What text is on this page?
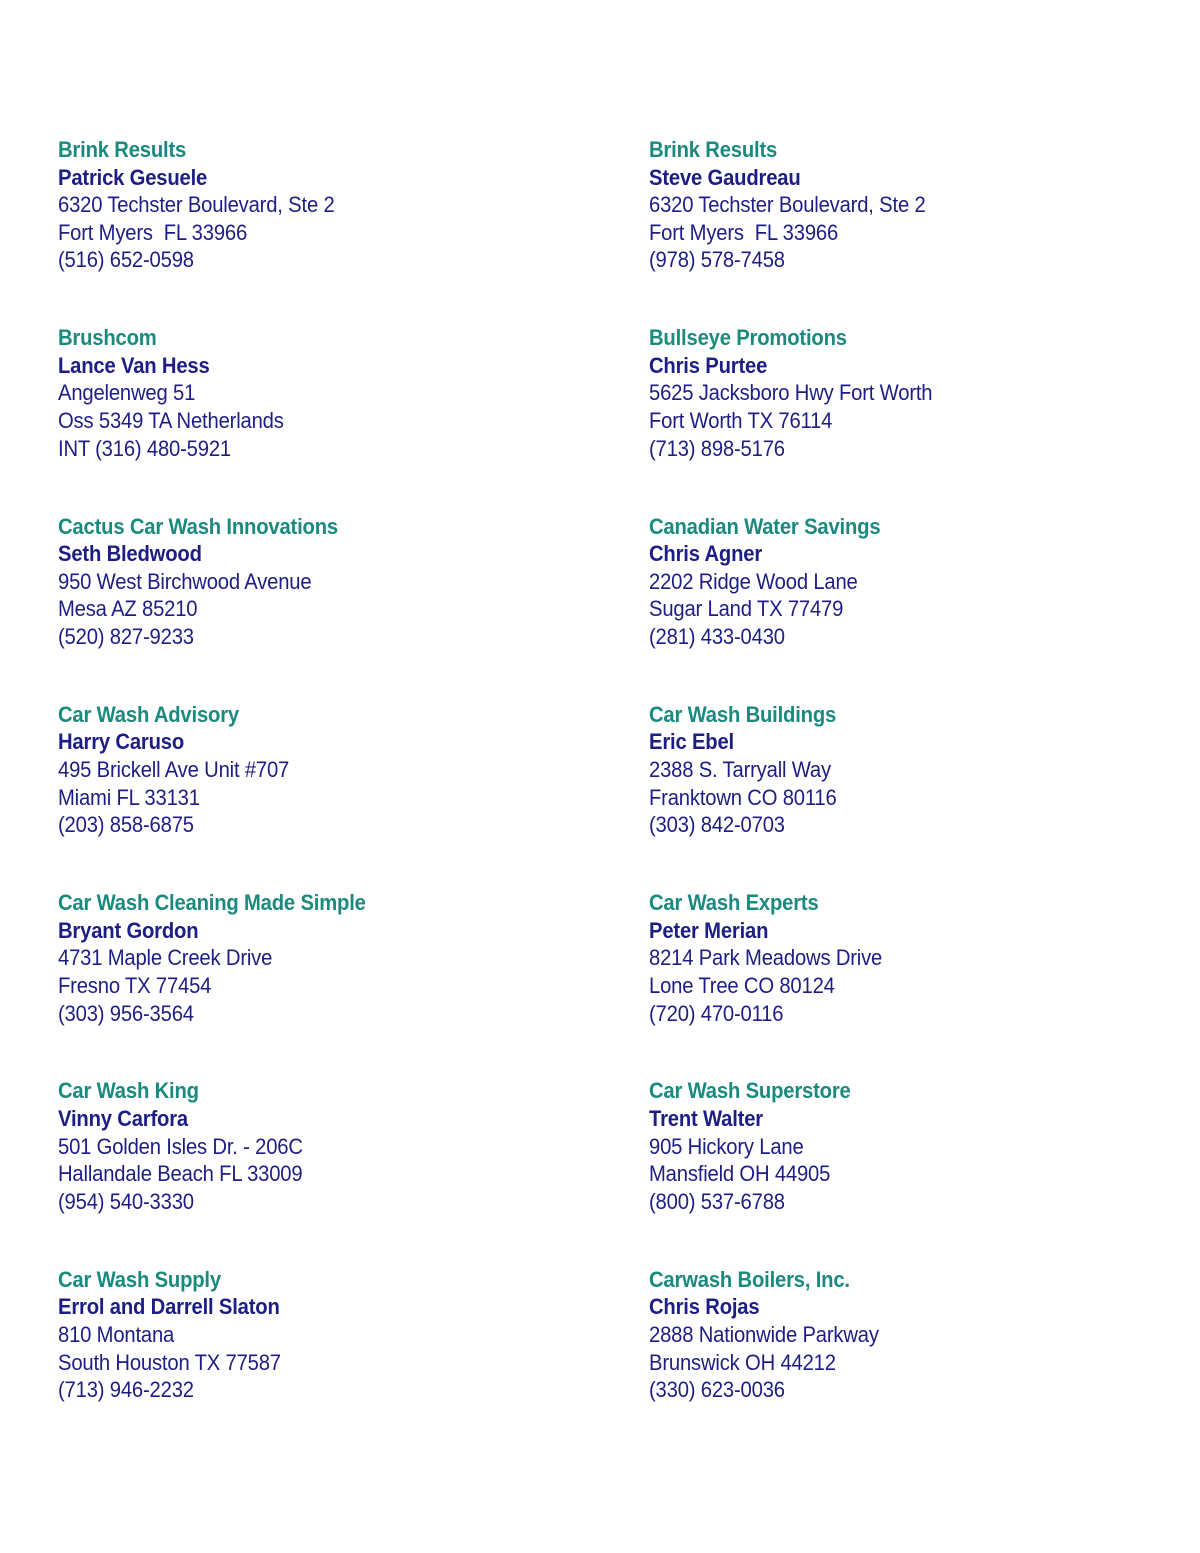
Brink Results
Patrick Gesuele
6320 Techster Boulevard, Ste 2
Fort Myers  FL 33966
(516) 652-0598
Brink Results
Steve Gaudreau
6320 Techster Boulevard, Ste 2
Fort Myers  FL 33966
(978) 578-7458
Brushcom
Lance Van Hess
Angelenweg 51
Oss 5349 TA Netherlands
INT (316) 480-5921
Bullseye Promotions
Chris Purtee
5625 Jacksboro Hwy Fort Worth
Fort Worth TX 76114
(713) 898-5176
Cactus Car Wash Innovations
Seth Bledwood
950 West Birchwood Avenue
Mesa AZ 85210
(520) 827-9233
Canadian Water Savings
Chris Agner
2202 Ridge Wood Lane
Sugar Land TX 77479
(281) 433-0430
Car Wash Advisory
Harry Caruso
495 Brickell Ave Unit #707
Miami FL 33131
(203) 858-6875
Car Wash Buildings
Eric Ebel
2388 S. Tarryall Way
Franktown CO 80116
(303) 842-0703
Car Wash Cleaning Made Simple
Bryant Gordon
4731 Maple Creek Drive
Fresno TX 77454
(303) 956-3564
Car Wash Experts
Peter Merian
8214 Park Meadows Drive
Lone Tree CO 80124
(720) 470-0116
Car Wash King
Vinny Carfora
501 Golden Isles Dr. - 206C
Hallandale Beach FL 33009
(954) 540-3330
Car Wash Superstore
Trent Walter
905 Hickory Lane
Mansfield OH 44905
(800) 537-6788
Car Wash Supply
Errol and Darrell Slaton
810 Montana
South Houston TX 77587
(713) 946-2232
Carwash Boilers, Inc.
Chris Rojas
2888 Nationwide Parkway
Brunswick OH 44212
(330) 623-0036
